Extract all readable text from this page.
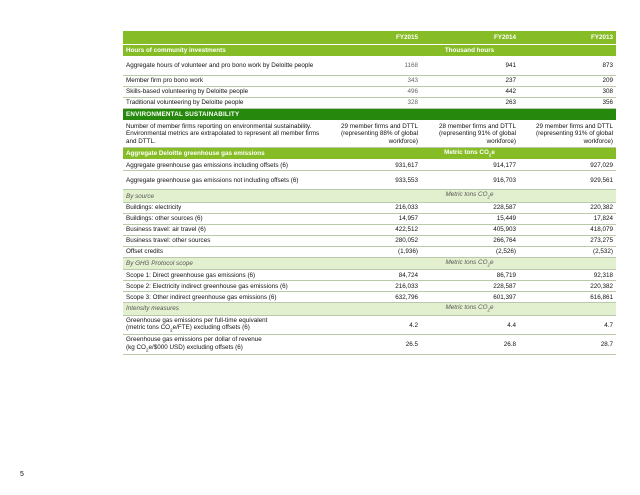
	FY2015	FY2014	FY2013
Hours of community investments	Thousand hours		
Aggregate hours of volunteer and pro bono work by Deloitte people	1168	941	873
Member firm pro bono work	343	237	209
Skills-based volunteering by Deloitte people	496	442	308
Traditional volunteering by Deloitte people	328	263	356
ENVIRONMENTAL SUSTAINABILITY			
Number of member firms reporting on environmental sustainability. Environmental metrics are extrapolated to represent all member firms and DTTL.	29 member firms and DTTL (representing 88% of global workforce)	28 member firms and DTTL (representing 91% of global workforce)	29 member firms and DTTL (representing 91% of global workforce)
Aggregate Deloitte greenhouse gas emissions	Metric tons $CO_2e$		
Aggregate greenhouse gas emissions including offsets (6)	931,617	914,177	927,029
Aggregate greenhouse gas emissions not including offsets (6)	933,553	916,703	929,561
By source	Metric tons $CO_2e$		
Buildings: electricity	216,033	228,587	220,382
Buildings: other sources (6)	14,957	15,449	17,824
Business travel: air travel (6)	422,512	405,903	418,079
Business travel: other sources	280,052	266,764	273,275
Offset credits	(1,936)	(2,526)	(2,532)
By GHG Protocol scope	Metric tons $CO_2e$		
Scope 1: Direct greenhouse gas emissions (6)	84,724	86,719	92,318
Scope 2: Electricity indirect greenhouse gas emissions (6)	216,033	228,587	220,382
Scope 3: Other indirect greenhouse gas emissions (6)	632,796	601,397	616,861
Intensity measures	Metric tons $CO_2e$		
Greenhouse gas emissions per full-time equivalent
(metric tons $CO_2e/FTE$) excluding offsets (6)	4.2	4.4	4.7
Greenhouse gas emissions per dollar of revenue
(kg $CO_2e/\$000$ USD) excluding offsets (6)	26.5	26.8	28.7
5
